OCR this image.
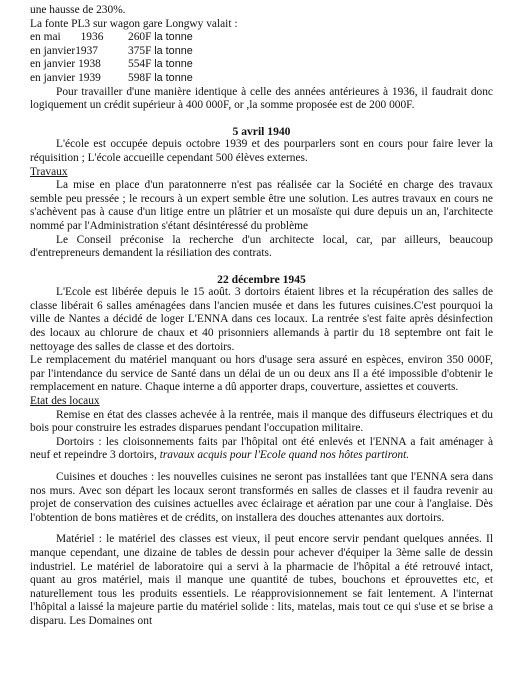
une hausse de 230%.

La fonte PL3 sur wagon gare Longwy valait :

en mai       1936	260F la tonne
en janvier1937	375F la tonne
en janvier 1938	554F la tonne
en janvier 1939	598F la tonne

Pour travailler d'une manière identique à celle des années antérieures à 1936, il faudrait donc logiquement un crédit supérieur à 400 000F, or ,la somme proposée est de 200 000F.

5 avril 1940

L'école est occupée depuis octobre 1939 et des pourparlers sont en cours pour faire lever la réquisition ; L'école accueille cependant 500 élèves externes.

Travaux

La mise en place d'un paratonnerre n'est pas réalisée car la Société en charge des travaux semble peu pressée ; le recours à un expert semble être une solution. Les autres travaux en cours ne s'achèvent pas à cause d'un litige entre un plâtrier et un mosaïste qui dure depuis un an, l'architecte nommé par l'Administration s'étant désintéressé du problème

Le Conseil préconise la recherche d'un architecte local, car, par ailleurs, beaucoup d'entrepreneurs demandent la résiliation des contrats.

22 décembre 1945

L'Ecole est libérée depuis le 15 août. 3 dortoirs étaient libres et la récupération des salles de classe libérait 6 salles aménagées dans l'ancien musée et dans les futures cuisines.C'est pourquoi la ville de Nantes a décidé de loger L'ENNA dans ces locaux. La rentrée s'est faite après désinfection des locaux au chlorure de chaux et 40 prisonniers allemands à partir du 18 septembre ont fait le nettoyage des salles de classe et des dortoirs.

Le remplacement du matériel manquant ou hors d'usage sera assuré en espèces, environ 350 000F, par l'intendance du service de Santé dans un délai de un ou deux ans Il a été impossible d'obtenir le remplacement en nature. Chaque interne a dû apporter draps, couverture, assiettes et couverts.

Etat des locaux

Remise en état des classes achevée à la rentrée, mais il manque des diffuseurs électriques et du bois pour construire les estrades disparues pendant l'occupation militaire.

Dortoirs : les cloisonnements faits par l'hôpital ont été enlevés et l'ENNA a fait aménager à neuf et repeindre 3 dortoirs, travaux acquis pour l'Ecole quand nos hôtes partiront.

Cuisines et douches : les nouvelles cuisines ne seront pas installées tant que l'ENNA sera dans nos murs. Avec son départ les locaux seront transformés en salles de classes et il faudra revenir au projet de conservation des cuisines actuelles avec éclairage et aération par une cour à l'anglaise. Dès l'obtention de bons matières et de crédits, on installera des douches attenantes aux dortoirs.

Matériel : le matériel des classes est vieux, il peut encore servir pendant quelques années. Il manque cependant, une dizaine de tables de dessin pour achever d'équiper la 3ème salle de dessin industriel. Le matériel de laboratoire qui a servi à la pharmacie de l'hôpital a été retrouvé intact, quant au gros matériel, mais il manque une quantité de tubes, bouchons et éprouvettes etc, et naturellement tous les produits essentiels. Le réapprovisionnement se fait lentement. A l'internat l'hôpital a laissé la majeure partie du matériel solide : lits, matelas, mais tout ce qui s'use et se brise a disparu. Les Domaines ont
